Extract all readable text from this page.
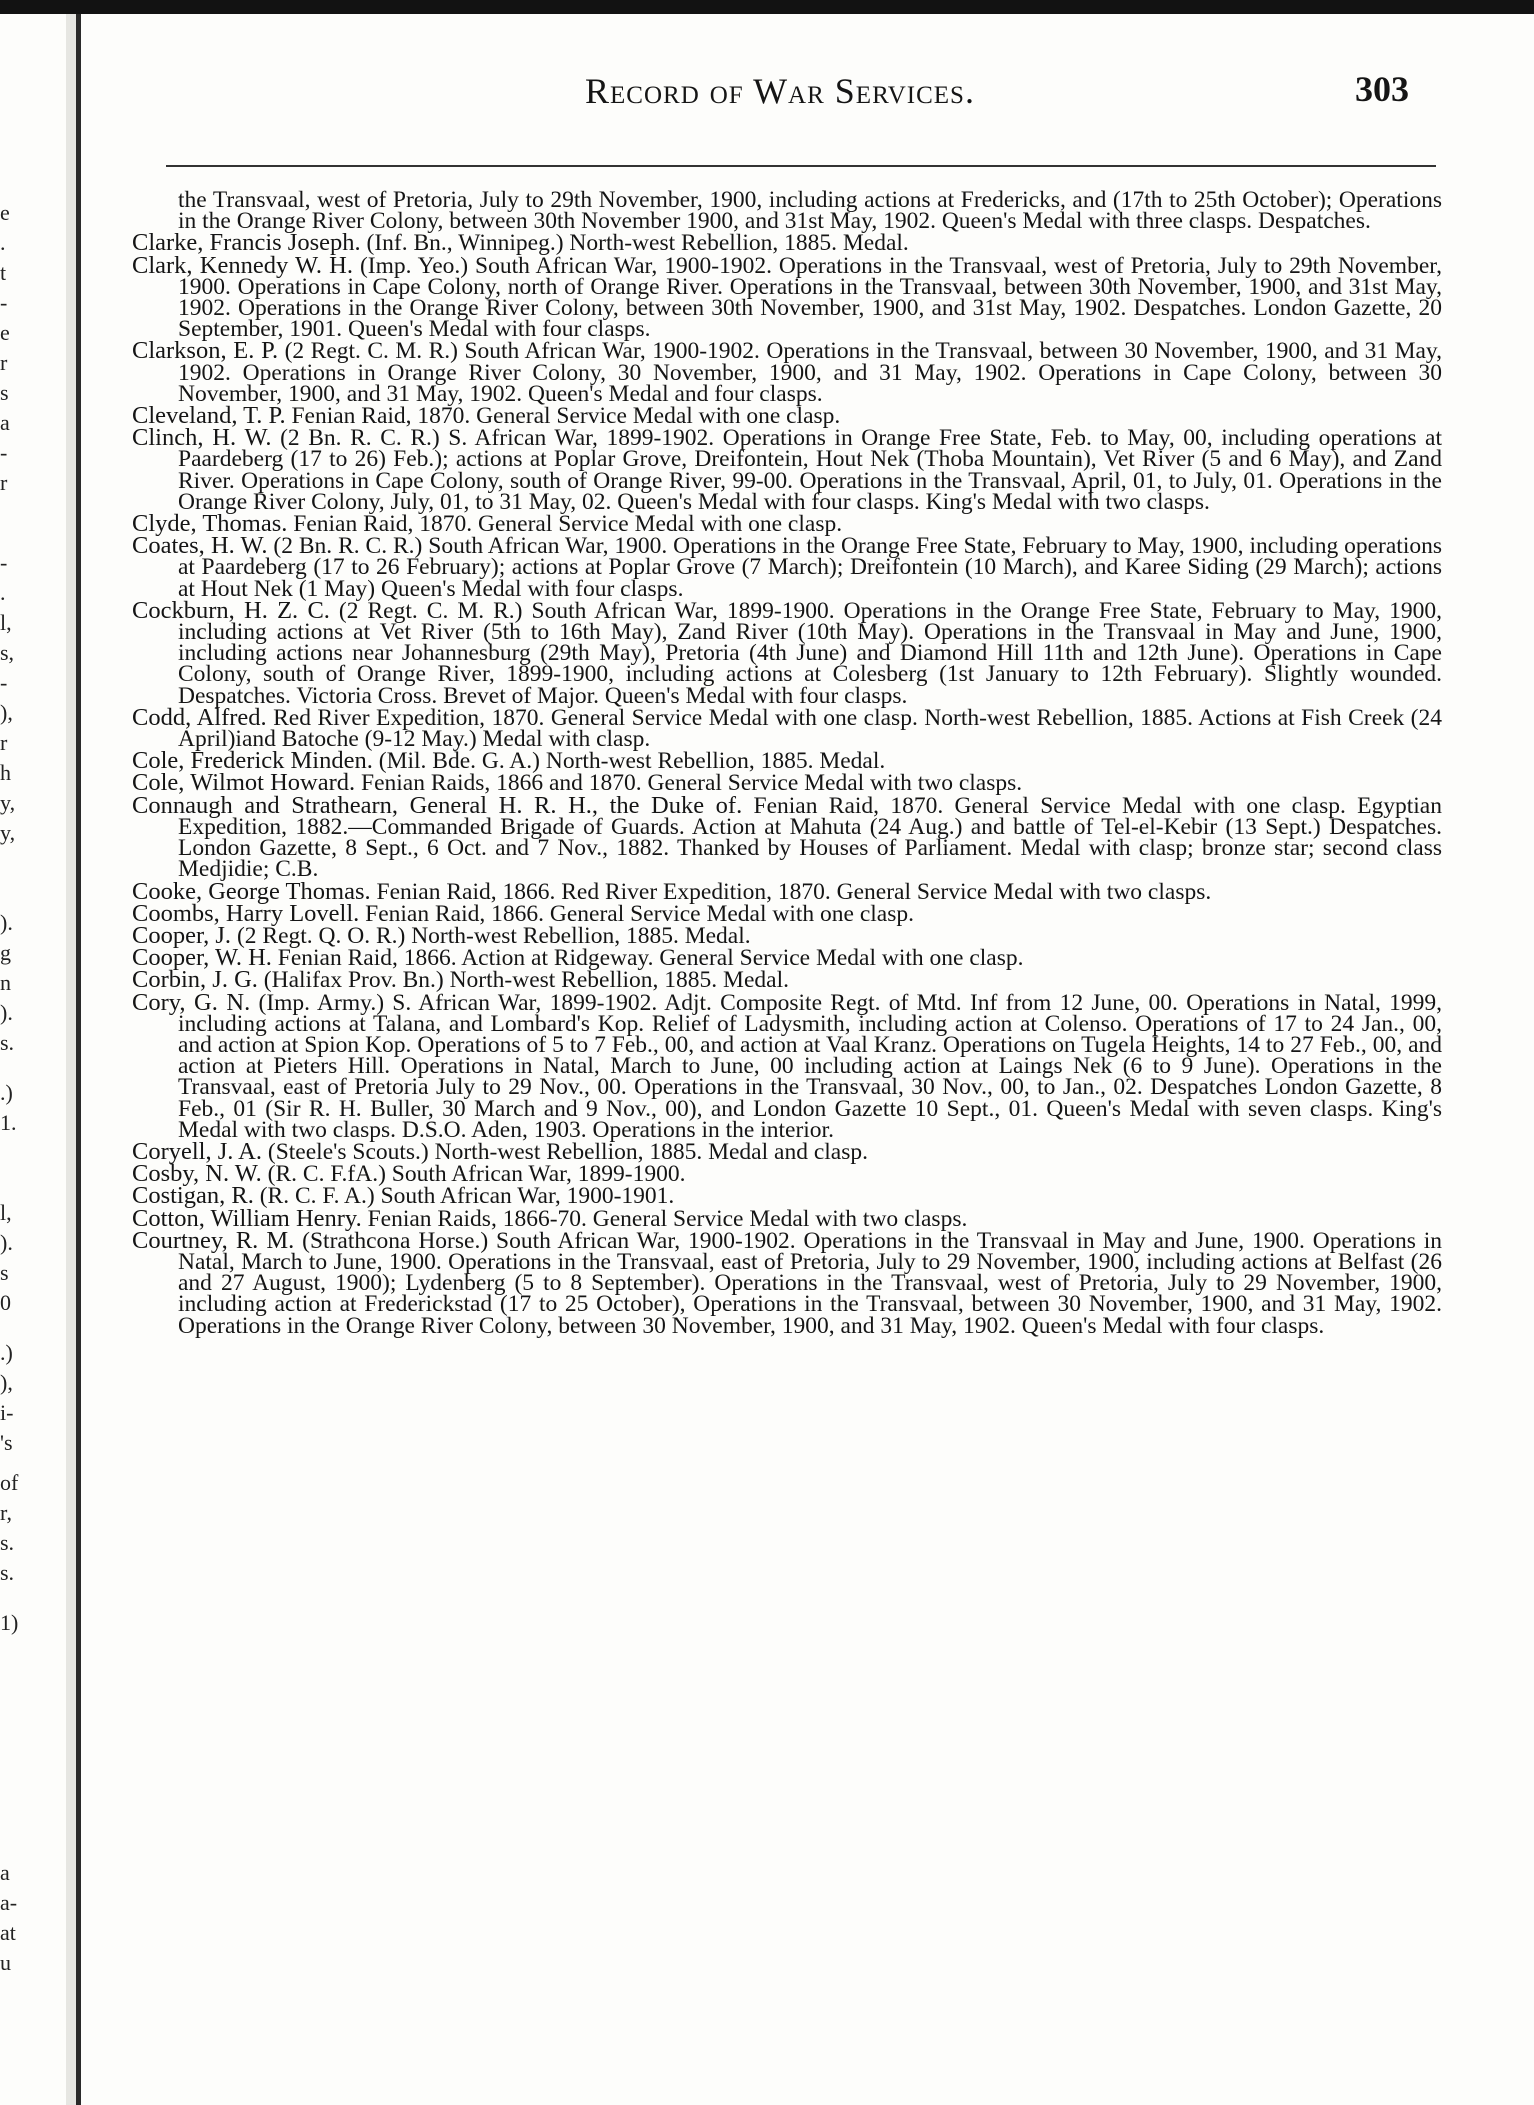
e
.
t
-
e
r
s
a
-
r
-
.
l,
s,
-
),
r
h
y,
y,
).
g
n
).
s.
.)
1.
l,
).
s
0
.)
),
i-
's
of
r,
s.
s.
1)
a
a-
at
u
Record of War Services.	303

the Transvaal, west of Pretoria, July to 29th November, 1900, including actions at Fredericks, and (17th to 25th October); Operations in the Orange River Colony, between 30th November 1900, and 31st May, 1902. Queen's Medal with three clasps. Despatches.

Clarke, Francis Joseph. (Inf. Bn., Winnipeg.) North-west Rebellion, 1885. Medal.

Clark, Kennedy W. H. (Imp. Yeo.) South African War, 1900-1902. Operations in the Transvaal, west of Pretoria, July to 29th November, 1900. Operations in Cape Colony, north of Orange River. Operations in the Transvaal, between 30th November, 1900, and 31st May, 1902. Operations in the Orange River Colony, between 30th November, 1900, and 31st May, 1902. Despatches. London Gazette, 20 September, 1901. Queen's Medal with four clasps.

Clarkson, E. P. (2 Regt. C. M. R.) South African War, 1900-1902. Operations in the Transvaal, between 30 November, 1900, and 31 May, 1902. Operations in Orange River Colony, 30 November, 1900, and 31 May, 1902. Operations in Cape Colony, between 30 November, 1900, and 31 May, 1902. Queen's Medal and four clasps.

Cleveland, T. P. Fenian Raid, 1870. General Service Medal with one clasp.

Clinch, H. W. (2 Bn. R. C. R.) S. African War, 1899-1902. Operations in Orange Free State, Feb. to May, 00, including operations at Paardeberg (17 to 26) Feb.); actions at Poplar Grove, Dreifontein, Hout Nek (Thoba Mountain), Vet River (5 and 6 May), and Zand River. Operations in Cape Colony, south of Orange River, 99-00. Operations in the Transvaal, April, 01, to July, 01. Operations in the Orange River Colony, July, 01, to 31 May, 02. Queen's Medal with four clasps. King's Medal with two clasps.

Clyde, Thomas. Fenian Raid, 1870. General Service Medal with one clasp.

Coates, H. W. (2 Bn. R. C. R.) South African War, 1900. Operations in the Orange Free State, February to May, 1900, including operations at Paardeberg (17 to 26 February); actions at Poplar Grove (7 March); Dreifontein (10 March), and Karee Siding (29 March); actions at Hout Nek (1 May) Queen's Medal with four clasps.

Cockburn, H. Z. C. (2 Regt. C. M. R.) South African War, 1899-1900. Operations in the Orange Free State, February to May, 1900, including actions at Vet River (5th to 16th May), Zand River (10th May). Operations in the Transvaal in May and June, 1900, including actions near Johannesburg (29th May), Pretoria (4th June) and Diamond Hill 11th and 12th June). Operations in Cape Colony, south of Orange River, 1899-1900, including actions at Colesberg (1st January to 12th February). Slightly wounded. Despatches. Victoria Cross. Brevet of Major. Queen's Medal with four clasps.

Codd, Alfred. Red River Expedition, 1870. General Service Medal with one clasp. North-west Rebellion, 1885. Actions at Fish Creek (24 April)iand Batoche (9-12 May.) Medal with clasp.

Cole, Frederick Minden. (Mil. Bde. G. A.) North-west Rebellion, 1885. Medal.

Cole, Wilmot Howard. Fenian Raids, 1866 and 1870. General Service Medal with two clasps.

Connaugh and Strathearn, General H. R. H., the Duke of. Fenian Raid, 1870. General Service Medal with one clasp. Egyptian Expedition, 1882.—Commanded Brigade of Guards. Action at Mahuta (24 Aug.) and battle of Tel-el-Kebir (13 Sept.) Despatches. London Gazette, 8 Sept., 6 Oct. and 7 Nov., 1882. Thanked by Houses of Parliament. Medal with clasp; bronze star; second class Medjidie; C.B.

Cooke, George Thomas. Fenian Raid, 1866. Red River Expedition, 1870. General Service Medal with two clasps.

Coombs, Harry Lovell. Fenian Raid, 1866. General Service Medal with one clasp.

Cooper, J. (2 Regt. Q. O. R.) North-west Rebellion, 1885. Medal.

Cooper, W. H. Fenian Raid, 1866. Action at Ridgeway. General Service Medal with one clasp.

Corbin, J. G. (Halifax Prov. Bn.) North-west Rebellion, 1885. Medal.

Cory, G. N. (Imp. Army.) S. African War, 1899-1902. Adjt. Composite Regt. of Mtd. Inf from 12 June, 00. Operations in Natal, 1999, including actions at Talana, and Lombard's Kop. Relief of Ladysmith, including action at Colenso. Operations of 17 to 24 Jan., 00, and action at Spion Kop. Operations of 5 to 7 Feb., 00, and action at Vaal Kranz. Operations on Tugela Heights, 14 to 27 Feb., 00, and action at Pieters Hill. Operations in Natal, March to June, 00 including action at Laings Nek (6 to 9 June). Operations in the Transvaal, east of Pretoria July to 29 Nov., 00. Operations in the Transvaal, 30 Nov., 00, to Jan., 02. Despatches London Gazette, 8 Feb., 01 (Sir R. H. Buller, 30 March and 9 Nov., 00), and London Gazette 10 Sept., 01. Queen's Medal with seven clasps. King's Medal with two clasps. D.S.O. Aden, 1903. Operations in the interior.

Coryell, J. A. (Steele's Scouts.) North-west Rebellion, 1885. Medal and clasp.

Cosby, N. W. (R. C. F.fA.) South African War, 1899-1900.

Costigan, R. (R. C. F. A.) South African War, 1900-1901.

Cotton, William Henry. Fenian Raids, 1866-70. General Service Medal with two clasps.

Courtney, R. M. (Strathcona Horse.) South African War, 1900-1902. Operations in the Transvaal in May and June, 1900. Operations in Natal, March to June, 1900. Operations in the Transvaal, east of Pretoria, July to 29 November, 1900, including actions at Belfast (26 and 27 August, 1900); Lydenberg (5 to 8 September). Operations in the Transvaal, west of Pretoria, July to 29 November, 1900, including action at Frederickstad (17 to 25 October), Operations in the Transvaal, between 30 November, 1900, and 31 May, 1902. Operations in the Orange River Colony, between 30 November, 1900, and 31 May, 1902. Queen's Medal with four clasps.
